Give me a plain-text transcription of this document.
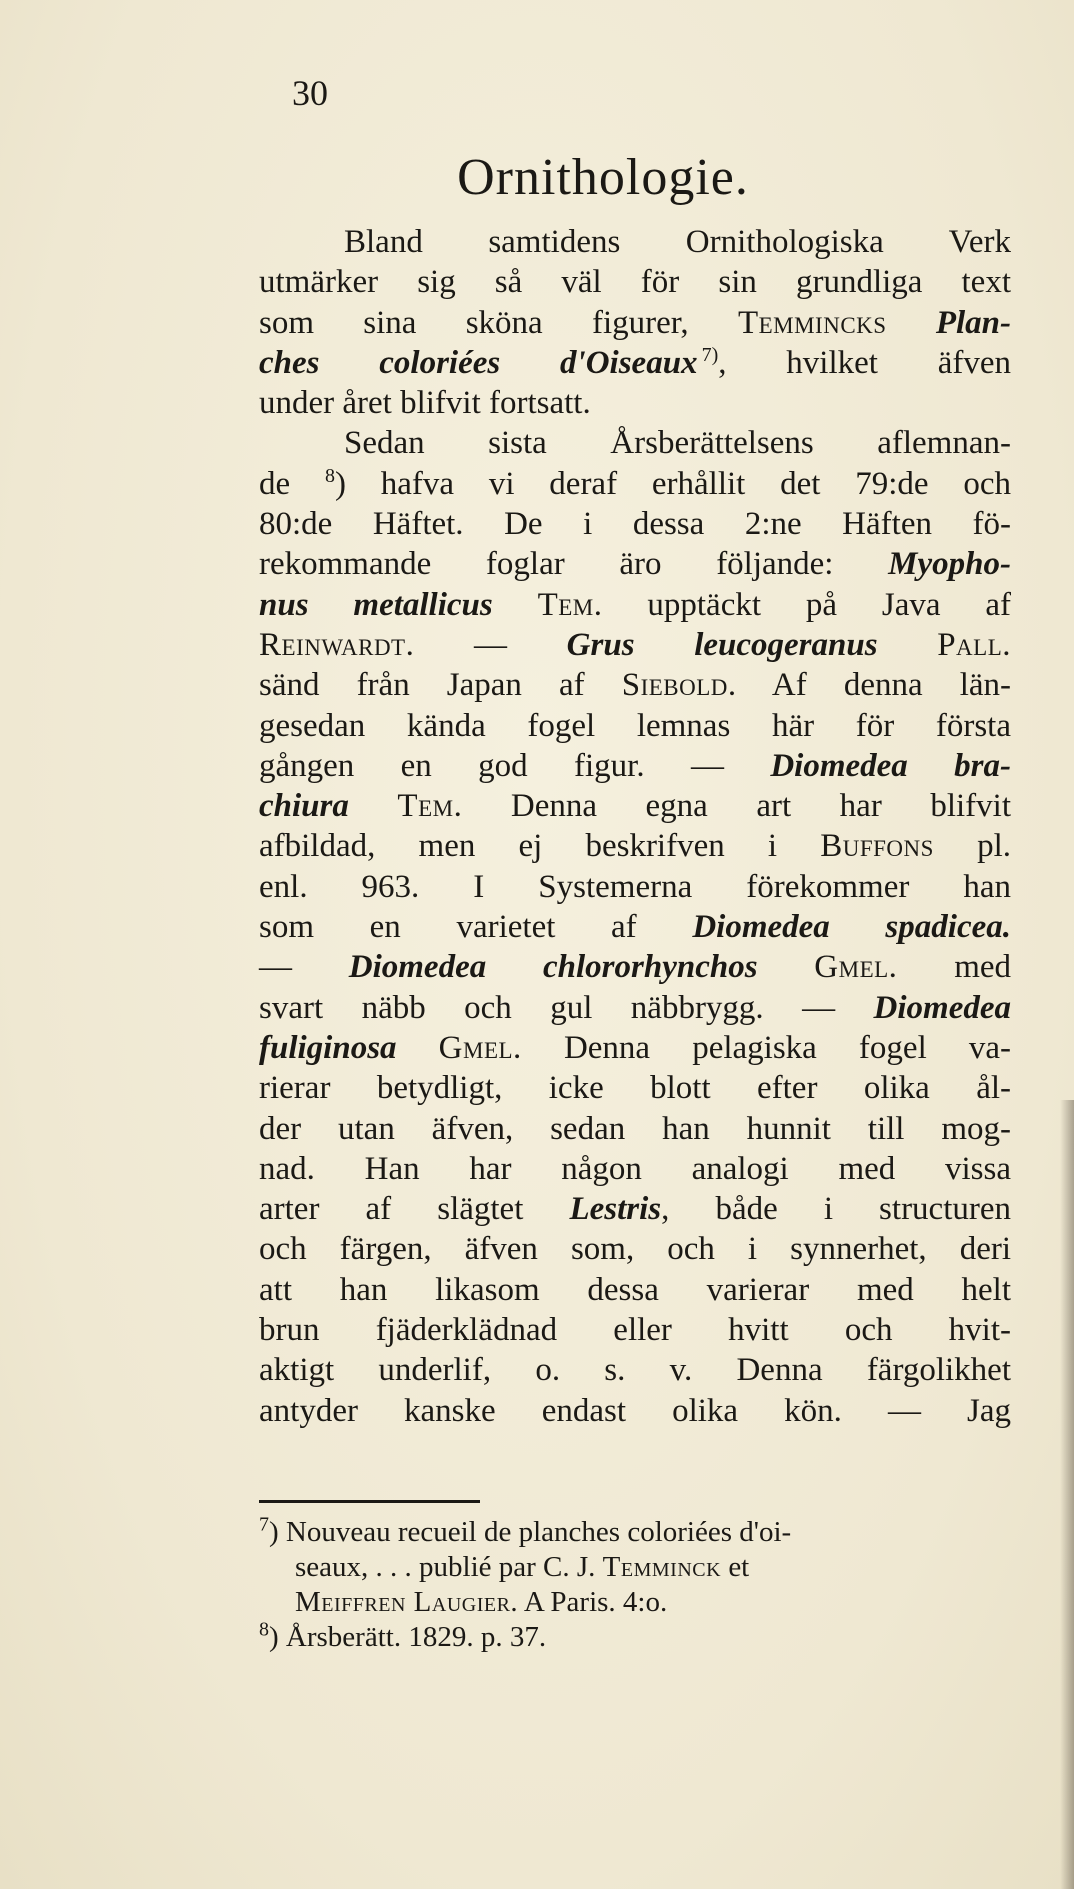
30
Ornithologie.
Bland samtidens Ornithologiska Verk
utmärker sig så väl för sin grundliga text
som sina sköna figurer, Temmincks Plan-
ches coloriées d'Oiseaux  $^{7)}$, hvilket äfven
under året blifvit fortsatt.
Sedan sista Årsberättelsens aflemnan-
de $^8$) hafva vi deraf erhållit det 79:de och
80:de Häftet. De i dessa 2:ne Häften fö-
rekommande foglar äro följande: Myopho-
nus metallicus Tem. upptäckt på Java af
Reinwardt. — Grus leucogeranus Pall.
sänd från Japan af Siebold. Af denna län-
gesedan kända fogel lemnas här för första
gången en god figur. — Diomedea bra-
chiura Tem. Denna egna art har blifvit
afbildad, men ej beskrifven i Buffons pl.
enl. 963. I Systemerna förekommer han
som en varietet af Diomedea spadicea.
— Diomedea chlororhynchos Gmel. med
svart näbb och gul näbbrygg. — Diomedea
fuliginosa Gmel. Denna pelagiska fogel va-
rierar betydligt, icke blott efter olika ål-
der utan äfven, sedan han hunnit till mog-
nad. Han har någon analogi med vissa
arter af slägtet Lestris, både i structuren
och färgen, äfven som, och i synnerhet, deri
att han likasom dessa varierar med helt
brun fjäderklädnad eller hvitt och hvit-
aktigt underlif, o. s. v. Denna färgolikhet
antyder kanske endast olika kön. — Jag
$^7$) Nouveau recueil de planches coloriées d'oi-
seaux, . . . publié par C. J. Temminck et
Meiffren Laugier. A Paris. 4:o.
$^8$) Årsberätt. 1829. p. 37.
